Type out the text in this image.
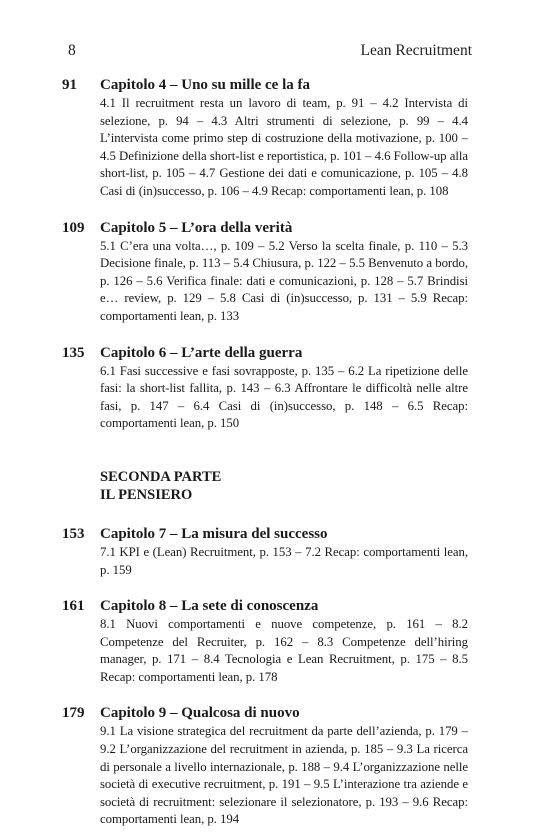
8	Lean Recruitment
91	Capitolo 4 – Uno su mille ce la fa
4.1 Il recruitment resta un lavoro di team, p. 91 – 4.2 Intervista di selezione, p. 94 – 4.3 Altri strumenti di selezione, p. 99 – 4.4 L’intervista come primo step di costruzione della motivazione, p. 100 – 4.5 Definizione della short-list e reportistica, p. 101 – 4.6 Follow-up alla short-list, p. 105 – 4.7 Gestione dei dati e comunicazione, p. 105 – 4.8 Casi di (in)successo, p. 106 – 4.9 Recap: comportamenti lean, p. 108
109	Capitolo 5 – L’ora della verità
5.1 C’era una volta…, p. 109 – 5.2 Verso la scelta finale, p. 110 – 5.3 Decisione finale, p. 113 – 5.4 Chiusura, p. 122 – 5.5 Benvenuto a bordo, p. 126 – 5.6 Verifica finale: dati e comunicazioni, p. 128 – 5.7 Brindisi e… review, p. 129 – 5.8 Casi di (in)successo, p. 131 – 5.9 Recap: comportamenti lean, p. 133
135	Capitolo 6 – L’arte della guerra
6.1 Fasi successive e fasi sovrapposte, p. 135 – 6.2 La ripetizione delle fasi: la short-list fallita, p. 143 – 6.3 Affrontare le difficoltà nelle altre fasi, p. 147 – 6.4 Casi di (in)successo, p. 148 – 6.5 Recap: comportamenti lean, p. 150
SECONDA PARTE
IL PENSIERO
153	Capitolo 7 – La misura del successo
7.1 KPI e (Lean) Recruitment, p. 153 – 7.2 Recap: comportamenti lean, p. 159
161	Capitolo 8 – La sete di conoscenza
8.1 Nuovi comportamenti e nuove competenze, p. 161 – 8.2 Competenze del Recruiter, p. 162 – 8.3 Competenze dell’hiring manager, p. 171 – 8.4 Tecnologia e Lean Recruitment, p. 175 – 8.5 Recap: comportamenti lean, p. 178
179	Capitolo 9 – Qualcosa di nuovo
9.1 La visione strategica del recruitment da parte dell’azienda, p. 179 – 9.2 L’organizzazione del recruitment in azienda, p. 185 – 9.3 La ricerca di personale a livello internazionale, p. 188 – 9.4 L’organizzazione nelle società di executive recruitment, p. 191 – 9.5 L’interazione tra aziende e società di recruitment: selezionare il selezionatore, p. 193 – 9.6 Recap: comportamenti lean, p. 194
